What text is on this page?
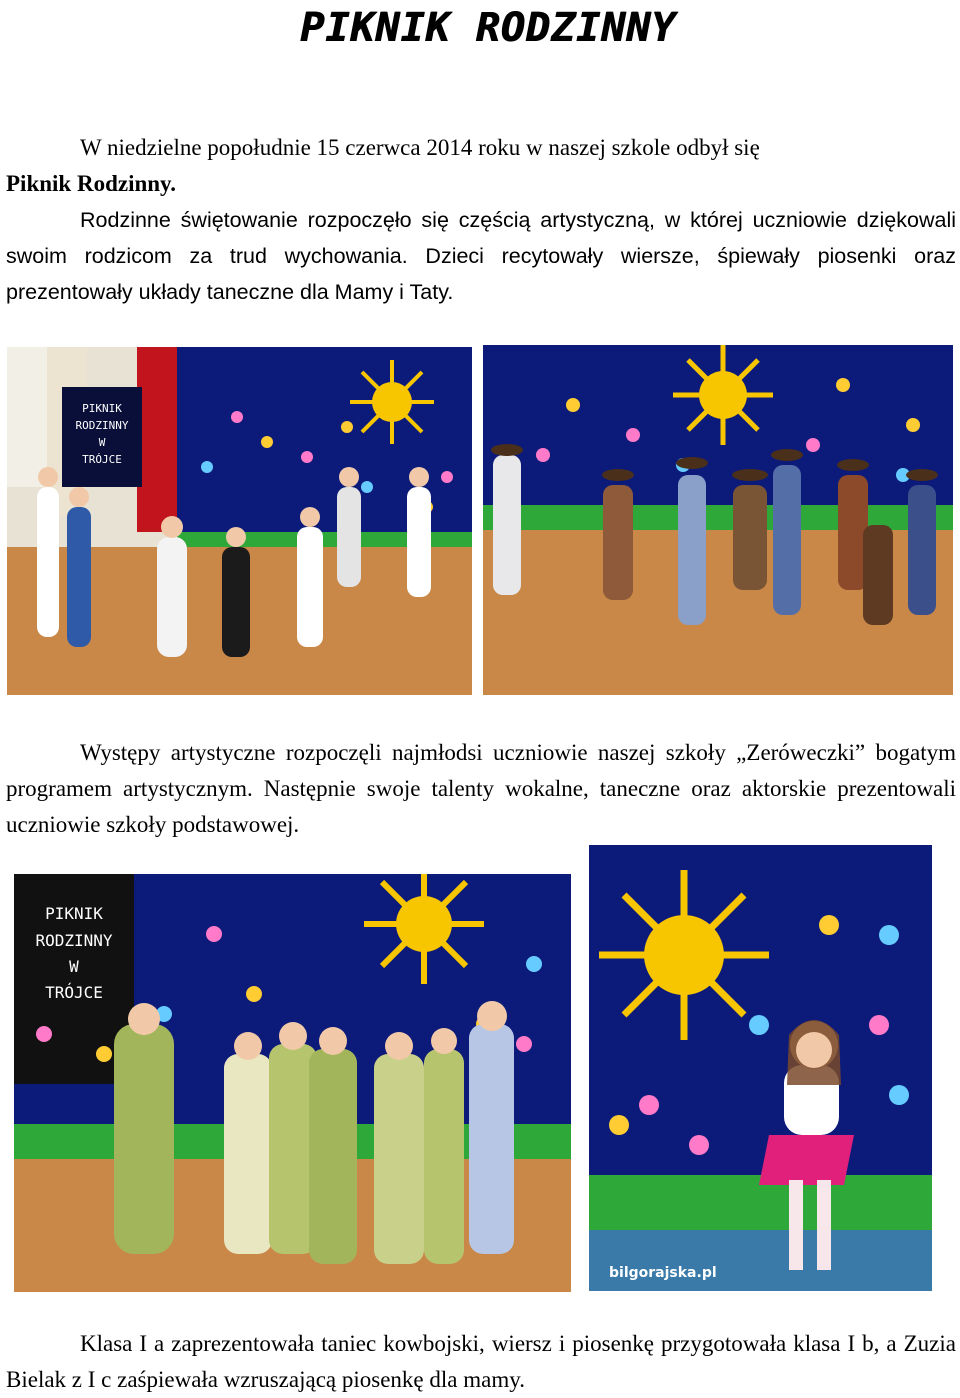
PIKNIK RODZINNY

W niedzielne popołudnie 15 czerwca 2014 roku w naszej szkole odbył się

Piknik Rodzinny.

Rodzinne świętowanie rozpoczęło się częścią artystyczną, w której uczniowie dziękowali swoim rodzicom za trud wychowania. Dzieci recytowały wiersze, śpiewały piosenki oraz prezentowały układy taneczne dla Mamy i Taty.

PIKNIK
RODZINNY
W
TRÓJCE

Występy artystyczne rozpoczęli najmłodsi uczniowie naszej szkoły „Zeróweczki” bogatym programem artystycznym. Następnie swoje talenty wokalne, taneczne oraz aktorskie prezentowali uczniowie szkoły podstawowej.

PIKNIK
RODZINNY
W
TRÓJCE
bilgorajska.pl

Klasa I a zaprezentowała taniec kowbojski, wiersz i piosenkę przygotowała klasa I b, a Zuzia Bielak z I c zaśpiewała wzruszającą piosenkę dla mamy.
